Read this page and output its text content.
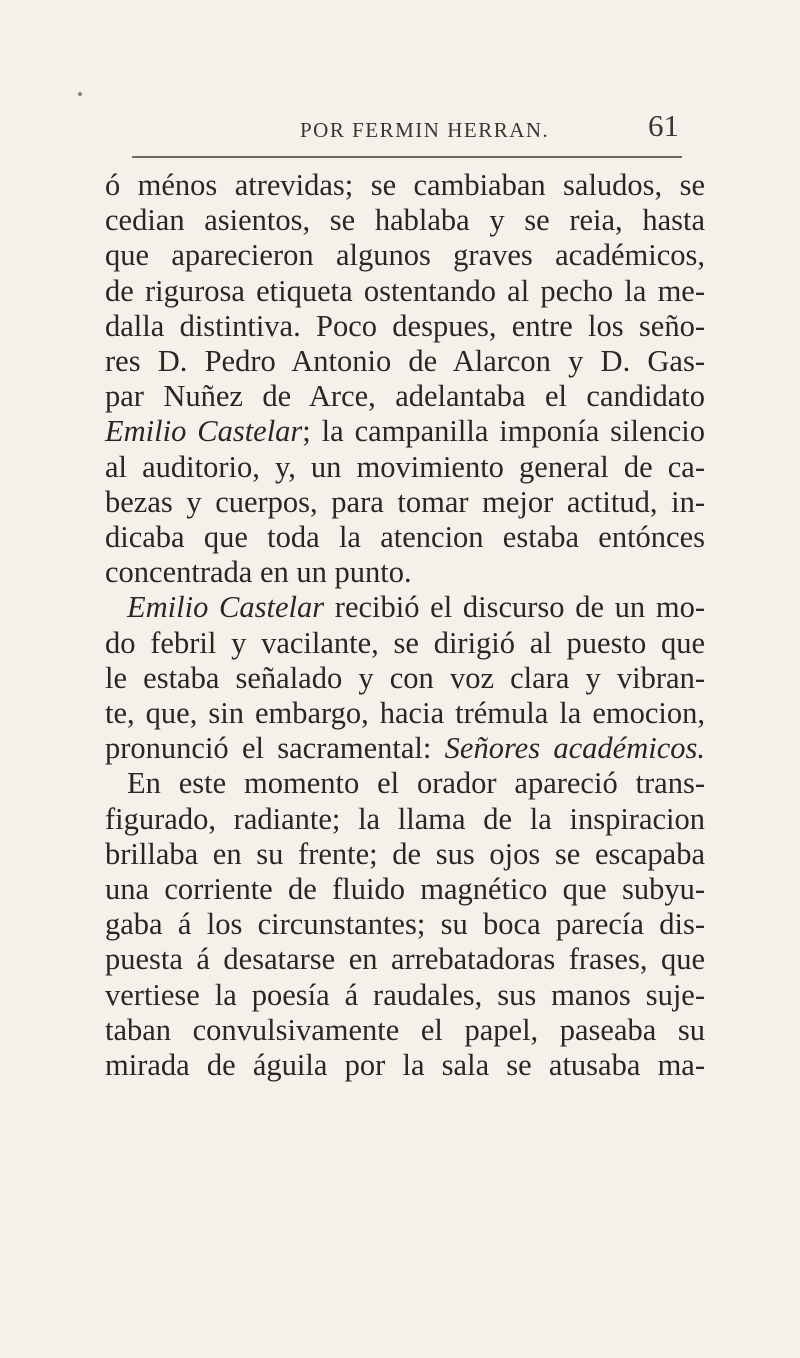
POR FERMIN HERRAN.	61
ó ménos atrevidas; se cambiaban saludos, se
cedian asientos, se hablaba y se reia, hasta
que aparecieron algunos graves académicos,
de rigurosa etiqueta ostentando al pecho la me-
dalla distintiva. Poco despues, entre los seño-
res D. Pedro Antonio de Alarcon y D. Gas-
par Nuñez de Arce, adelantaba el candidato
Emilio Castelar; la campanilla imponía silencio
al auditorio, y, un movimiento general de ca-
bezas y cuerpos, para tomar mejor actitud, in-
dicaba que toda la atencion estaba entónces
concentrada en un punto.
Emilio Castelar recibió el discurso de un mo-
do febril y vacilante, se dirigió al puesto que
le estaba señalado y con voz clara y vibran-
te, que, sin embargo, hacia trémula la emocion,
pronunció el sacramental: Señores académicos.
En este momento el orador apareció trans-
figurado, radiante; la llama de la inspiracion
brillaba en su frente; de sus ojos se escapaba
una corriente de fluido magnético que subyu-
gaba á los circunstantes; su boca parecía dis-
puesta á desatarse en arrebatadoras frases, que
vertiese la poesía á raudales, sus manos suje-
taban convulsivamente el papel, paseaba su
mirada de águila por la sala se atusaba ma-
